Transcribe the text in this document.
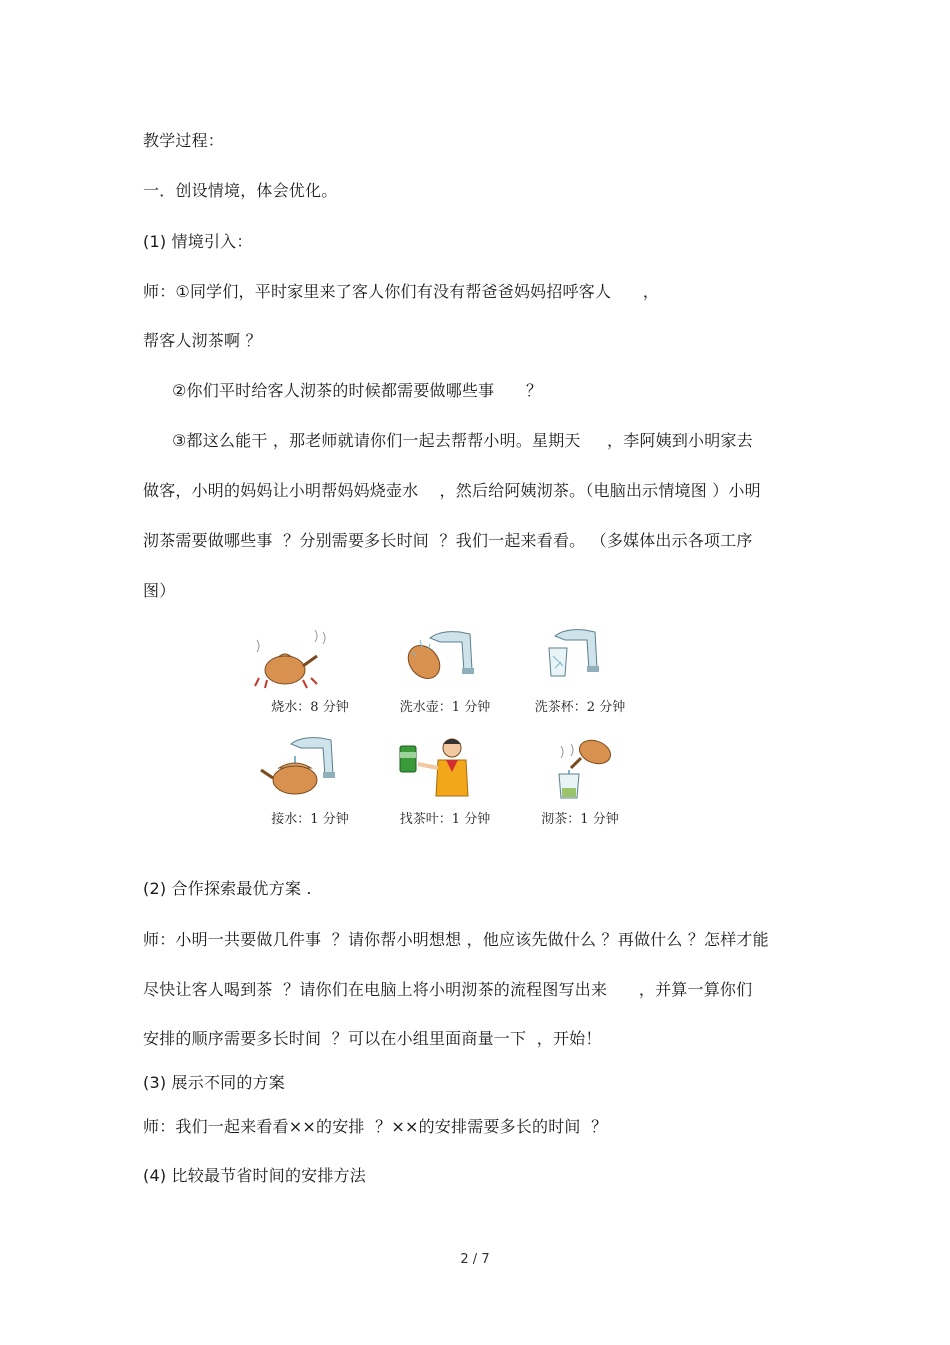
教学过程：
一．创设情境，体会优化。
(1) 情境引入：
师：①同学们，平时家里来了客人你们有没有帮爸爸妈妈招呼客人      ，
帮客人沏茶啊 ？
②你们平时给客人沏茶的时候都需要做哪些事      ？
③都这么能干 ，那老师就请你们一起去帮帮小明。星期天     ，李阿姨到小明家去
做客，小明的妈妈让小明帮妈妈烧壶水    ，然后给阿姨沏茶。（电脑出示情境图 ）小明
沏茶需要做哪些事  ？分别需要多长时间  ？我们一起来看看。 （多媒体出示各项工序
图）
烧水：8 分钟	洗水壶：1 分钟	洗茶杯：2 分钟
接水：1 分钟	找茶叶：1 分钟	沏茶：1 分钟
(2) 合作探索最优方案 .
师：小明一共要做几件事  ？请你帮小明想想 ，他应该先做什么 ？再做什么 ？怎样才能
尽快让客人喝到茶  ？请你们在电脑上将小明沏茶的流程图写出来      ，并算一算你们
安排的顺序需要多长时间  ？可以在小组里面商量一下  ，开始！
(3) 展示不同的方案
师：我们一起来看看××的安排  ？××的安排需要多长的时间  ？
(4) 比较最节省时间的安排方法
2 / 7
